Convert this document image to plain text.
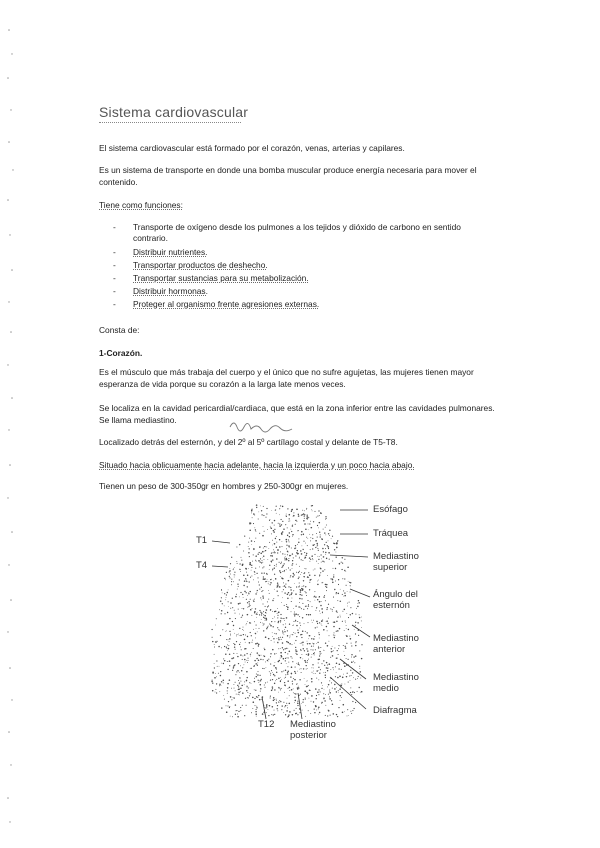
Sistema cardiovascular
El sistema cardiovascular está formado por el corazón, venas, arterias y capilares.
Es un sistema de transporte en donde una bomba muscular produce energía necesaria para mover el contenido.
Tiene como funciones:
- Transporte de oxígeno desde los pulmones a los tejidos y dióxido de carbono en sentido contrario.
- Distribuir nutrientes.
- Transportar productos de deshecho.
- Transportar sustancias para su metabolización.
- Distribuir hormonas.
- Proteger al organismo frente agresiones externas.
Consta de:
1-Corazón.
Es el músculo que más trabaja del cuerpo y el único que no sufre agujetas, las mujeres tienen mayor esperanza de vida porque su corazón a la larga late menos veces.
Se localiza en la cavidad pericardial/cardiaca, que está en la zona inferior entre las cavidades pulmonares. Se llama mediastino.
Localizado detrás del esternón, y del 2º al 5º cartílago costal y delante de T5-T8.
Situado hacia oblicuamente hacia adelante, hacia la izquierda y un poco hacia abajo.
Tienen un peso de 300-350gr en hombres y 250-300gr en mujeres.
T1
T4
T12 Mediastino posterior
Esófago
Tráquea
Mediastino superior
Ángulo del esternón
Mediastino anterior
Mediastino medio
Diafragma
